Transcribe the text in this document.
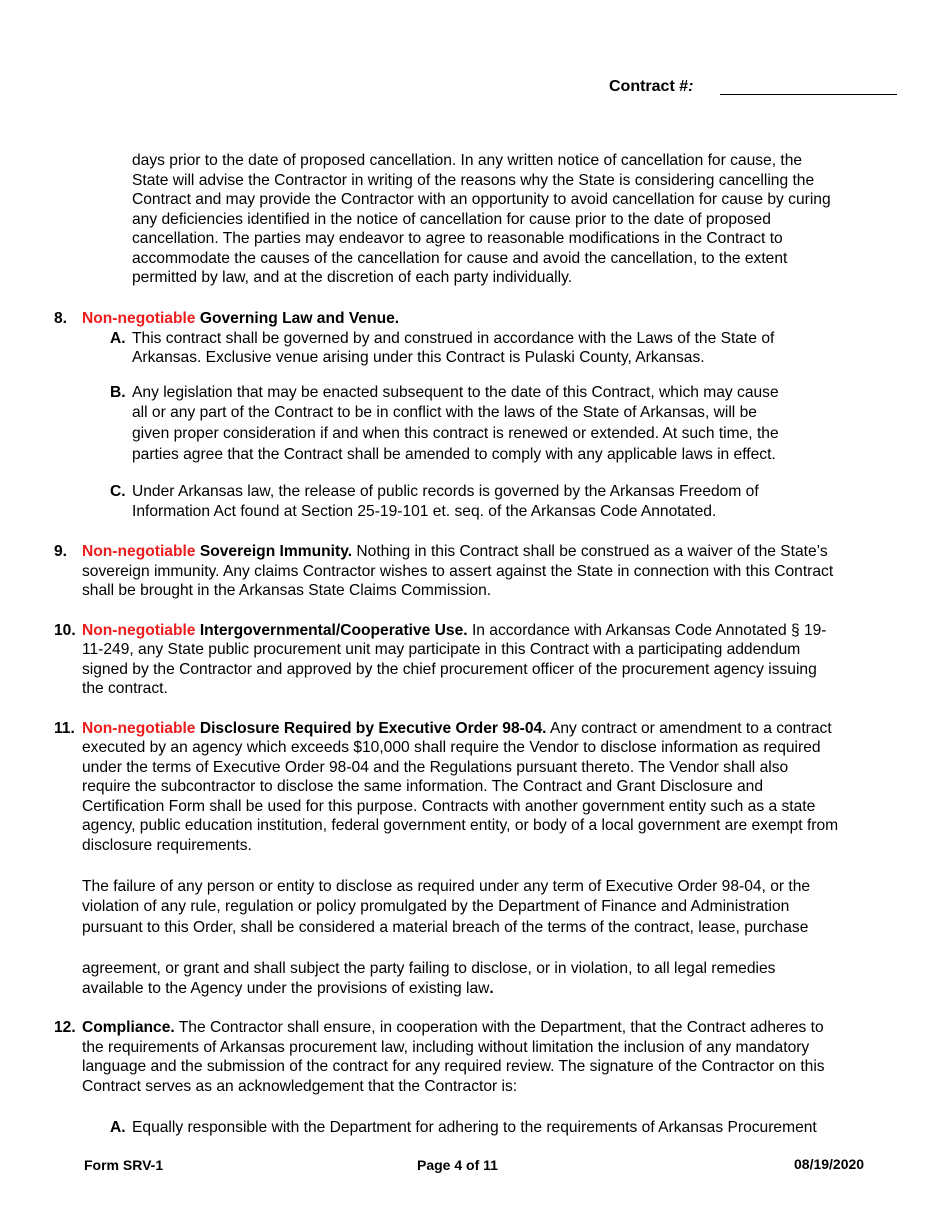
Contract #:
days prior to the date of proposed cancellation. In any written notice of cancellation for cause, the
State will advise the Contractor in writing of the reasons why the State is considering cancelling the
Contract and may provide the Contractor with an opportunity to avoid cancellation for cause by curing
any deficiencies identified in the notice of cancellation for cause prior to the date of proposed
cancellation. The parties may endeavor to agree to reasonable modifications in the Contract to
accommodate the causes of the cancellation for cause and avoid the cancellation, to the extent
permitted by law, and at the discretion of each party individually.
8. Non-negotiable Governing Law and Venue.
A. This contract shall be governed by and construed in accordance with the Laws of the State of
Arkansas. Exclusive venue arising under this Contract is Pulaski County, Arkansas.
B. Any legislation that may be enacted subsequent to the date of this Contract, which may cause
all or any part of the Contract to be in conflict with the laws of the State of Arkansas, will be
given proper consideration if and when this contract is renewed or extended. At such time, the
parties agree that the Contract shall be amended to comply with any applicable laws in effect.
C. Under Arkansas law, the release of public records is governed by the Arkansas Freedom of
Information Act found at Section 25-19-101 et. seq. of the Arkansas Code Annotated.
9. Non-negotiable Sovereign Immunity. Nothing in this Contract shall be construed as a waiver of the State’s
sovereign immunity. Any claims Contractor wishes to assert against the State in connection with this Contract
shall be brought in the Arkansas State Claims Commission.
10. Non-negotiable Intergovernmental/Cooperative Use. In accordance with Arkansas Code Annotated § 19-
11-249, any State public procurement unit may participate in this Contract with a participating addendum
signed by the Contractor and approved by the chief procurement officer of the procurement agency issuing
the contract.
11. Non-negotiable Disclosure Required by Executive Order 98-04. Any contract or amendment to a contract
executed by an agency which exceeds $10,000 shall require the Vendor to disclose information as required
under the terms of Executive Order 98-04 and the Regulations pursuant thereto. The Vendor shall also
require the subcontractor to disclose the same information. The Contract and Grant Disclosure and
Certification Form shall be used for this purpose. Contracts with another government entity such as a state
agency, public education institution, federal government entity, or body of a local government are exempt from
disclosure requirements.
The failure of any person or entity to disclose as required under any term of Executive Order 98-04, or the
violation of any rule, regulation or policy promulgated by the Department of Finance and Administration
pursuant to this Order, shall be considered a material breach of the terms of the contract, lease, purchase
agreement, or grant and shall subject the party failing to disclose, or in violation, to all legal remedies
available to the Agency under the provisions of existing law.
12. Compliance. The Contractor shall ensure, in cooperation with the Department, that the Contract adheres to
the requirements of Arkansas procurement law, including without limitation the inclusion of any mandatory
language and the submission of the contract for any required review. The signature of the Contractor on this
Contract serves as an acknowledgement that the Contractor is:
A. Equally responsible with the Department for adhering to the requirements of Arkansas Procurement
Form SRV-1	Page 4 of 11	08/19/2020
